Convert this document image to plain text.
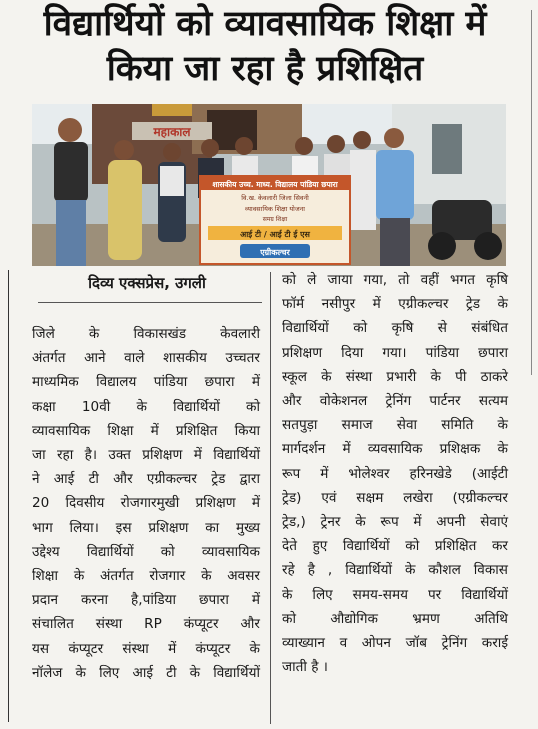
विद्यार्थियों को व्यावसायिक शिक्षा में
किया जा रहा है प्रशिक्षित
महाकाल
शासकीय उच्च. माध्य. विद्यालय पांडिया छपारा
वि.ख. केवलारी जिला सिवनी
व्यावसायिक शिक्षा योजना
समग्र शिक्षा
आई टी / आई टी ई एस
एग्रीकल्चर
दिव्य एक्सप्रेस, उगली
जिले के विकासखंड केवलारी
अंतर्गत आने वाले शासकीय उच्चतर
माध्यमिक विद्यालय पांडिया छपारा में
कक्षा 10वी के विद्यार्थियों को
व्यावसायिक शिक्षा में प्रशिक्षित किया
जा रहा है। उक्त प्रशिक्षण में विद्यार्थियों
ने आई टी और एग्रीकल्चर ट्रेड द्वारा
20 दिवसीय रोजगारमुखी प्रशिक्षण में
भाग लिया। इस प्रशिक्षण का मुख्य
उद्देश्य विद्यार्थियों को व्यावसायिक
शिक्षा के अंतर्गत रोजगार के अवसर
प्रदान करना है,पांडिया छपारा में
संचालित संस्था RP कंप्यूटर और
यस कंप्यूटर संस्था में कंप्यूटर के
नॉलेज के लिए आई टी के विद्यार्थियों
को ले जाया गया, तो वहीं भगत कृषि
फॉर्म नसीपुर में एग्रीकल्चर ट्रेड के
विद्यार्थियों को कृषि से संबंधित
प्रशिक्षण दिया गया। पांडिया छपारा
स्कूल के संस्था प्रभारी के पी ठाकरे
और वोकेशनल ट्रेनिंग पार्टनर सत्यम
सतपुड़ा समाज सेवा समिति के
मार्गदर्शन में व्यवसायिक प्रशिक्षक के
रूप में भोलेश्वर हरिनखेडे (आईटी
ट्रेड) एवं सक्षम लखेरा (एग्रीकल्चर
ट्रेड,) ट्रेनर के रूप में अपनी सेवाएं
देते हुए विद्यार्थियों को प्रशिक्षित कर
रहे है , विद्यार्थियों के कौशल विकास
के लिए समय-समय पर विद्यार्थियों
को औद्योगिक भ्रमण अतिथि
व्याख्यान व ओपन जॉब ट्रेनिंग कराई
जाती है ।
